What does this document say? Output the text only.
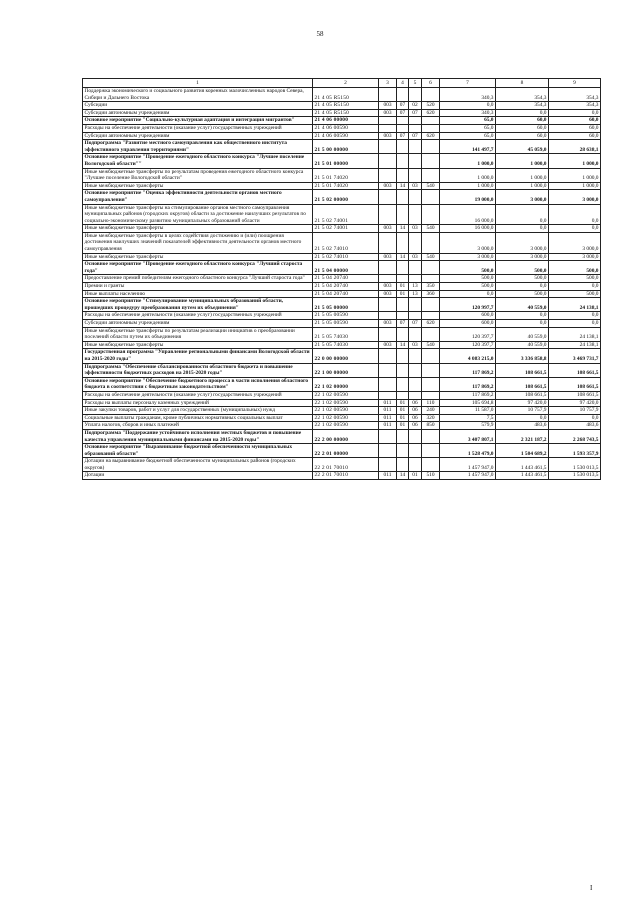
58
1	2	3	4	5	6	7	8	9
Поддержка экономического и социального развития коренных малочисленных народов Севера, Сибири и Дальнего Востока	21 4 05 R5150					340,3	354,3	354,3
Субсидии	21 4 05 R5150	003	07	02	520	0,0	354,3	354,3
Субсидии автономным учреждениям	21 4 05 R5150	003	07	07	620	340,3	0,0	0,0
Основное мероприятие "Социально-культурная адаптация и интеграция мигрантов"	21 4 06 00000					65,0	60,0	60,0
Расходы на обеспечение деятельности (оказание услуг) государственных учреждений	21 4 06 00590					65,0	60,0	60,0
Субсидии автономным учреждениям	21 4 06 00590	003	07	07	620	65,0	60,0	60,0
Подпрограмма "Развитие местного самоуправления как общественного института эффективного управления территориями"	21 5 00 00000					141 497,7	45 059,0	28 638,1
Основное мероприятие "Проведение ежегодного областного конкурса "Лучшее поселение Вологодской области""	21 5 01 00000					1 000,0	1 000,0	1 000,0
Иные межбюджетные трансферты по результатам проведения ежегодного областного конкурса "Лучшее поселение Вологодской области"	21 5 01 74020					1 000,0	1 000,0	1 000,0
Иные межбюджетные трансферты	21 5 01 74020	003	14	03	540	1 000,0	1 000,0	1 000,0
Основное мероприятие "Оценка эффективности деятельности органов местного самоуправления"	21 5 02 00000					19 000,0	3 000,0	3 000,0
Иные межбюджетные трансферты на стимулирование органов местного самоуправления муниципальных районов (городских округов) области за достижение наилучших результатов по социально-экономическому развитию муниципальных образований области	21 5 02 74001					16 000,0	0,0	0,0
Иные межбюджетные трансферты	21 5 02 74001	003	14	03	540	16 000,0	0,0	0,0
Иные межбюджетные трансферты в целях содействия достижению и (или) поощрения достижения наилучших значений показателей эффективности деятельности органов местного самоуправления	21 5 02 74010					3 000,0	3 000,0	3 000,0
Иные межбюджетные трансферты	21 5 02 74010	003	14	03	540	3 000,0	3 000,0	3 000,0
Основное мероприятие "Проведение ежегодного областного конкурса "Лучший староста года"	21 5 04 00000					500,0	500,0	500,0
Предоставление премий победителям ежегодного областного конкурса "Лучший староста года"	21 5 04 20740					500,0	500,0	500,0
Премии и гранты	21 5 04 20740	003	01	13	350	500,0	0,0	0,0
Иные выплаты населению	21 5 04 20740	003	01	13	360	0,0	500,0	500,0
Основное мероприятие "Стимулирование муниципальных образований области, прошедших процедуру преобразования путем их объединения"	21 5 05 00000					120 997,7	40 559,0	24 138,1
Расходы на обеспечение деятельности (оказание услуг) государственных учреждений	21 5 05 00590					600,0	0,0	0,0
Субсидии автономным учреждениям	21 5 05 00590	003	07	07	620	600,0	0,0	0,0
Иные межбюджетные трансферты по результатам реализации инициатив о преобразовании поселений области путем их объединения	21 5 05 74030					120 397,7	40 559,0	24 138,1
Иные межбюджетные трансферты	21 5 05 74030	003	14	03	540	120 397,7	40 559,0	24 138,1
Государственная программа "Управление региональными финансами Вологодской области на 2015-2020 годы"	22 0 00 00000					4 083 215,0	3 336 858,8	3 469 731,7
Подпрограмма "Обеспечение сбалансированности областного бюджета и повышение эффективности бюджетных расходов на 2015-2020 годы"	22 1 00 00000					117 869,2	108 661,5	108 661,5
Основное мероприятие "Обеспечение бюджетного процесса в части исполнения областного бюджета в соответствии с бюджетным законодательством"	22 1 02 00000					117 869,2	108 661,5	108 661,5
Расходы на обеспечение деятельности (оказание услуг) государственных учреждений	22 1 02 00590					117 869,2	108 661,5	108 661,5
Расходы на выплаты персоналу казенных учреждений	22 1 02 00590	011	01	06	110	105 694,8	97 420,0	97 420,0
Иные закупки товаров, работ и услуг для государственных (муниципальных) нужд	22 1 02 00590	011	01	06	240	11 587,0	10 757,9	10 757,9
Социальные выплаты гражданам, кроме публичных нормативных социальных выплат	22 1 02 00590	011	01	06	320	7,5	0,0	0,0
Уплата налогов, сборов и иных платежей	22 1 02 00590	011	01	06	850	579,9	483,6	483,6
Подпрограмма "Поддержание устойчивого исполнения местных бюджетов и повышение качества управления муниципальными финансами на 2015-2020 годы"	22 2 00 00000					3 407 807,1	2 321 187,2	2 268 743,5
Основное мероприятие "Выравнивание бюджетной обеспеченности муниципальных образований области"	22 2 01 00000					1 528 479,0	1 504 689,2	1 593 357,9
Дотации на выравнивание бюджетной обеспеченности муниципальных районов (городских округов)	22 2 01 70010					1 457 947,0	1 443 461,5	1 530 013,5
Дотации	22 2 01 70010	011	14	01	510	1 457 947,0	1 443 461,5	1 530 013,5
I
